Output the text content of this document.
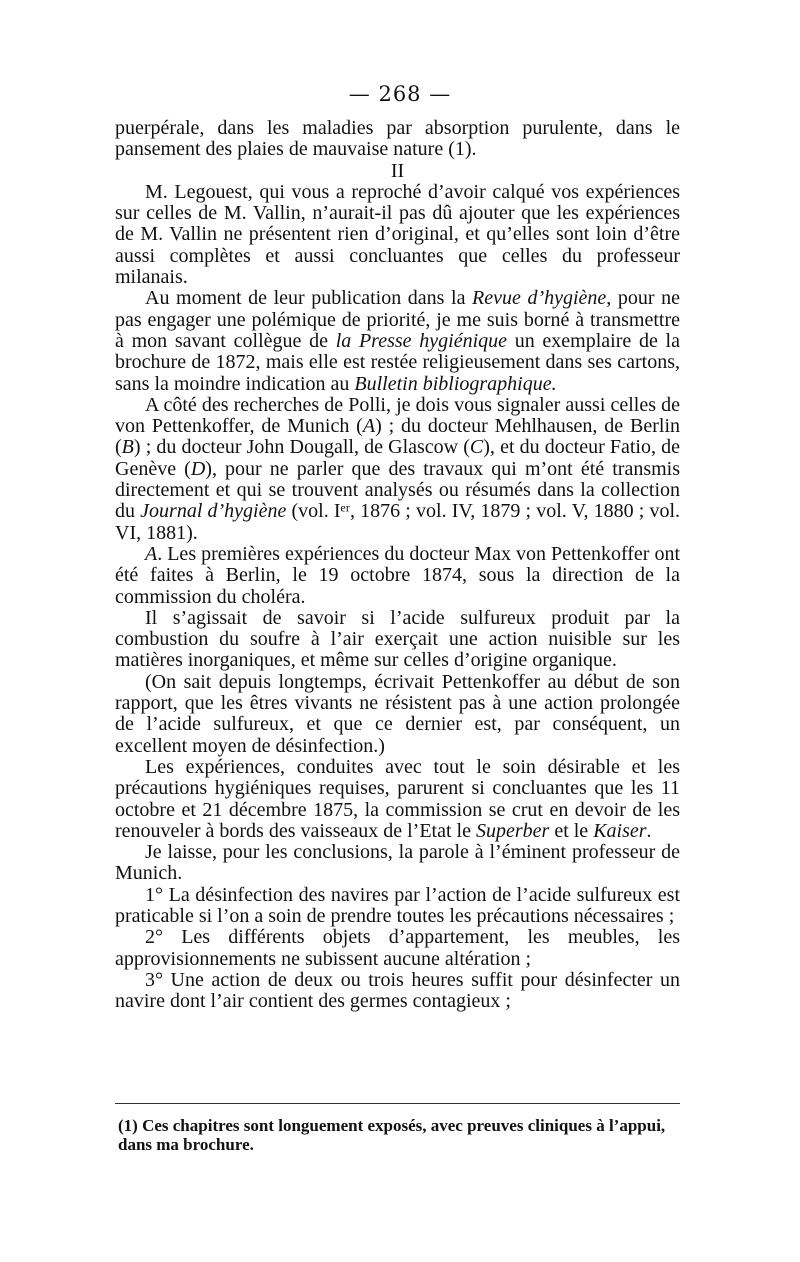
— 268 —

puerpérale, dans les maladies par absorption purulente, dans le pansement des plaies de mauvaise nature (1).

II

M. Legouest, qui vous a reproché d’avoir calqué vos expériences sur celles de M. Vallin, n’aurait-il pas dû ajouter que les expériences de M. Vallin ne présentent rien d’original, et qu’elles sont loin d’être aussi complètes et aussi concluantes que celles du professeur milanais.

Au moment de leur publication dans la Revue d’hygiène, pour ne pas engager une polémique de priorité, je me suis borné à transmettre à mon savant collègue de la Presse hygiénique un exemplaire de la brochure de 1872, mais elle est restée religieusement dans ses cartons, sans la moindre indication au Bulletin bibliographique.

A côté des recherches de Polli, je dois vous signaler aussi celles de von Pettenkoffer, de Munich (A) ; du docteur Mehlhausen, de Berlin (B) ; du docteur John Dougall, de Glascow (C), et du docteur Fatio, de Genève (D), pour ne parler que des travaux qui m’ont été transmis directement et qui se trouvent analysés ou résumés dans la collection du Journal d’hygiène (vol. Iᵉʳ, 1876 ; vol. IV, 1879 ; vol. V, 1880 ; vol. VI, 1881).

A. Les premières expériences du docteur Max von Pettenkoffer ont été faites à Berlin, le 19 octobre 1874, sous la direction de la commission du choléra.

Il s’agissait de savoir si l’acide sulfureux produit par la combustion du soufre à l’air exerçait une action nuisible sur les matières inorganiques, et même sur celles d’origine organique.

(On sait depuis longtemps, écrivait Pettenkoffer au début de son rapport, que les êtres vivants ne résistent pas à une action prolongée de l’acide sulfureux, et que ce dernier est, par conséquent, un excellent moyen de désinfection.)

Les expériences, conduites avec tout le soin désirable et les précautions hygiéniques requises, parurent si concluantes que les 11 octobre et 21 décembre 1875, la commission se crut en devoir de les renouveler à bords des vaisseaux de l’Etat le Superber et le Kaiser.

Je laisse, pour les conclusions, la parole à l’éminent professeur de Munich.

1° La désinfection des navires par l’action de l’acide sulfureux est praticable si l’on a soin de prendre toutes les précautions nécessaires ;

2° Les différents objets d’appartement, les meubles, les approvisionnements ne subissent aucune altération ;

3° Une action de deux ou trois heures suffit pour désinfecter un navire dont l’air contient des germes contagieux ;

(1) Ces chapitres sont longuement exposés, avec preuves cliniques à l’appui, dans ma brochure.
